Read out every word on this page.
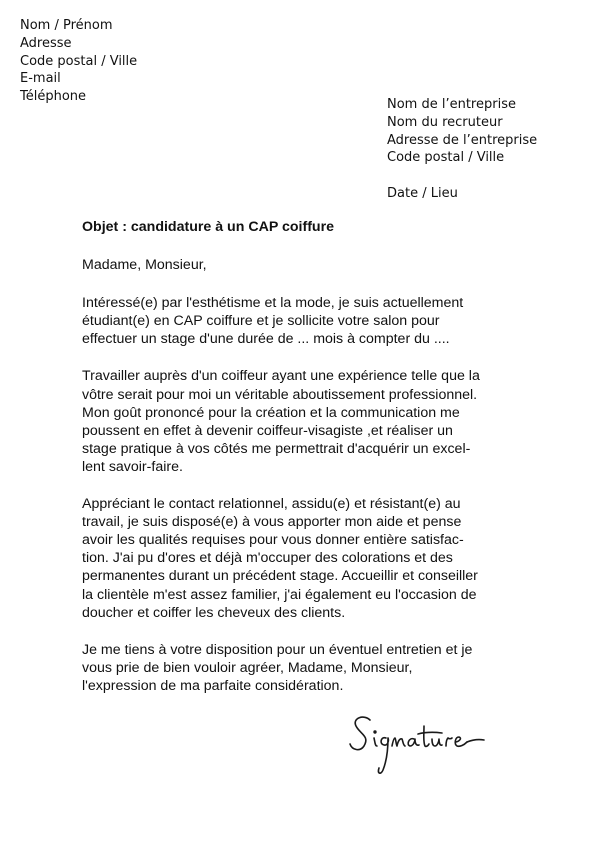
Nom / Prénom
Adresse
Code postal / Ville
E-mail
Téléphone
Nom de l’entreprise
Nom du recruteur
Adresse de l’entreprise
Code postal / Ville
Date / Lieu
Objet : candidature à un CAP coiffure
Madame, Monsieur,
Intéressé(e) par l'esthétisme et la mode, je suis actuellement
étudiant(e) en CAP coiffure et je sollicite votre salon pour
effectuer un stage d'une durée de ... mois à compter du ....
Travailler auprès d'un coiffeur ayant une expérience telle que la
vôtre serait pour moi un véritable aboutissement professionnel.
Mon goût prononcé pour la création et la communication me
poussent en effet à devenir coiffeur-visagiste ,et réaliser un
stage pratique à vos côtés me permettrait d'acquérir un excel-
lent savoir-faire.
Appréciant le contact relationnel, assidu(e) et résistant(e) au
travail, je suis disposé(e) à vous apporter mon aide et pense
avoir les qualités requises pour vous donner entière satisfac-
tion. J'ai pu d'ores et déjà m'occuper des colorations et des
permanentes durant un précédent stage. Accueillir et conseiller
la clientèle m'est assez familier, j'ai également eu l'occasion de
doucher et coiffer les cheveux des clients.
Je me tiens à votre disposition pour un éventuel entretien et je
vous prie de bien vouloir agréer, Madame, Monsieur,
l'expression de ma parfaite considération.
